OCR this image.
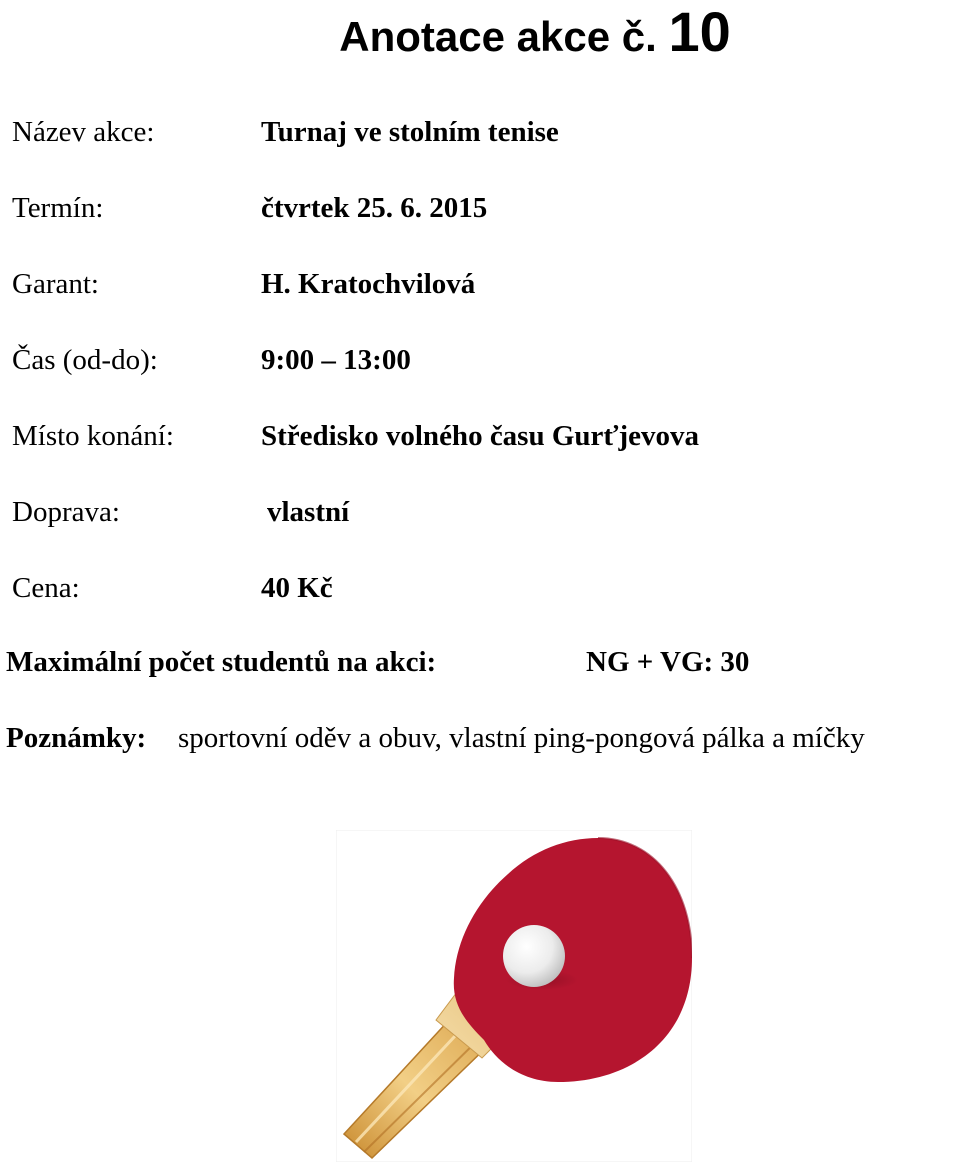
Anotace akce č. 10
Název akce:	Turnaj ve stolním tenise
Termín:	čtvrtek 25. 6. 2015
Garant:	H. Kratochvilová
Čas (od-do):	9:00 – 13:00
Místo konání:	Středisko volného času Gurťjevova
Doprava:	vlastní
Cena:	40 Kč
Maximální počet studentů na akci:	NG + VG: 30
Poznámky: sportovní oděv a obuv, vlastní ping-pongová pálka a míčky
